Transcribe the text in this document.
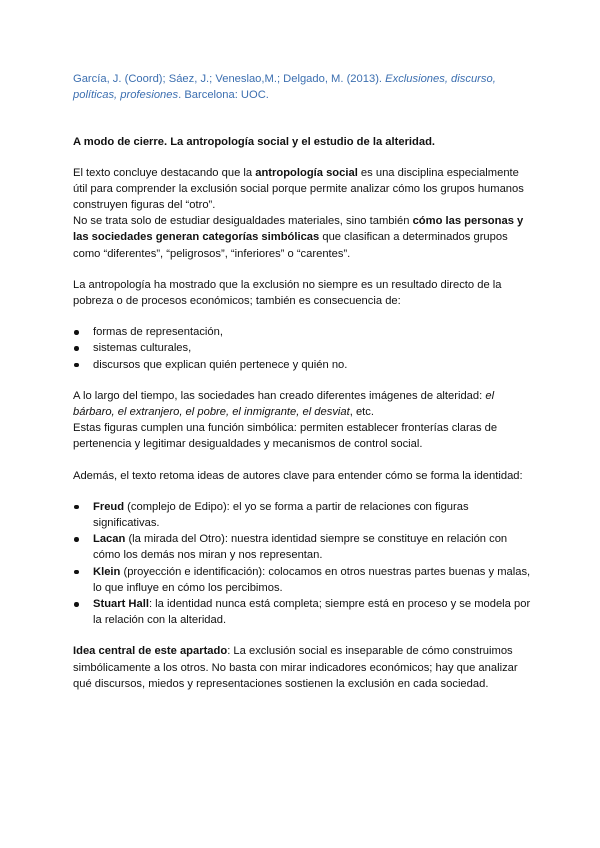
García, J. (Coord); Sáez, J.; Veneslao,M.; Delgado, M. (2013). Exclusiones, discurso, políticas, profesiones. Barcelona: UOC.

A modo de cierre. La antropología social y el estudio de la alteridad.

El texto concluye destacando que la antropología social es una disciplina especialmente útil para comprender la exclusión social porque permite analizar cómo los grupos humanos construyen figuras del “otro”.

No se trata solo de estudiar desigualdades materiales, sino también cómo las personas y las sociedades generan categorías simbólicas que clasifican a determinados grupos como “diferentes”, “peligrosos”, “inferiores” o “carentes”.

La antropología ha mostrado que la exclusión no siempre es un resultado directo de la pobreza o de procesos económicos; también es consecuencia de:

formas de representación,
sistemas culturales,
discursos que explican quién pertenece y quién no.

A lo largo del tiempo, las sociedades han creado diferentes imágenes de alteridad: el bárbaro, el extranjero, el pobre, el inmigrante, el desviat, etc.

Estas figuras cumplen una función simbólica: permiten establecer fronterías claras de pertenencia y legitimar desigualdades y mecanismos de control social.

Además, el texto retoma ideas de autores clave para entender cómo se forma la identidad:

Freud (complejo de Edipo): el yo se forma a partir de relaciones con figuras significativas.
Lacan (la mirada del Otro): nuestra identidad siempre se constituye en relación con cómo los demás nos miran y nos representan.
Klein (proyección e identificación): colocamos en otros nuestras partes buenas y malas, lo que influye en cómo los percibimos.
Stuart Hall: la identidad nunca está completa; siempre está en proceso y se modela por la relación con la alteridad.

Idea central de este apartado: La exclusión social es inseparable de cómo construimos simbólicamente a los otros. No basta con mirar indicadores económicos; hay que analizar qué discursos, miedos y representaciones sostienen la exclusión en cada sociedad.
